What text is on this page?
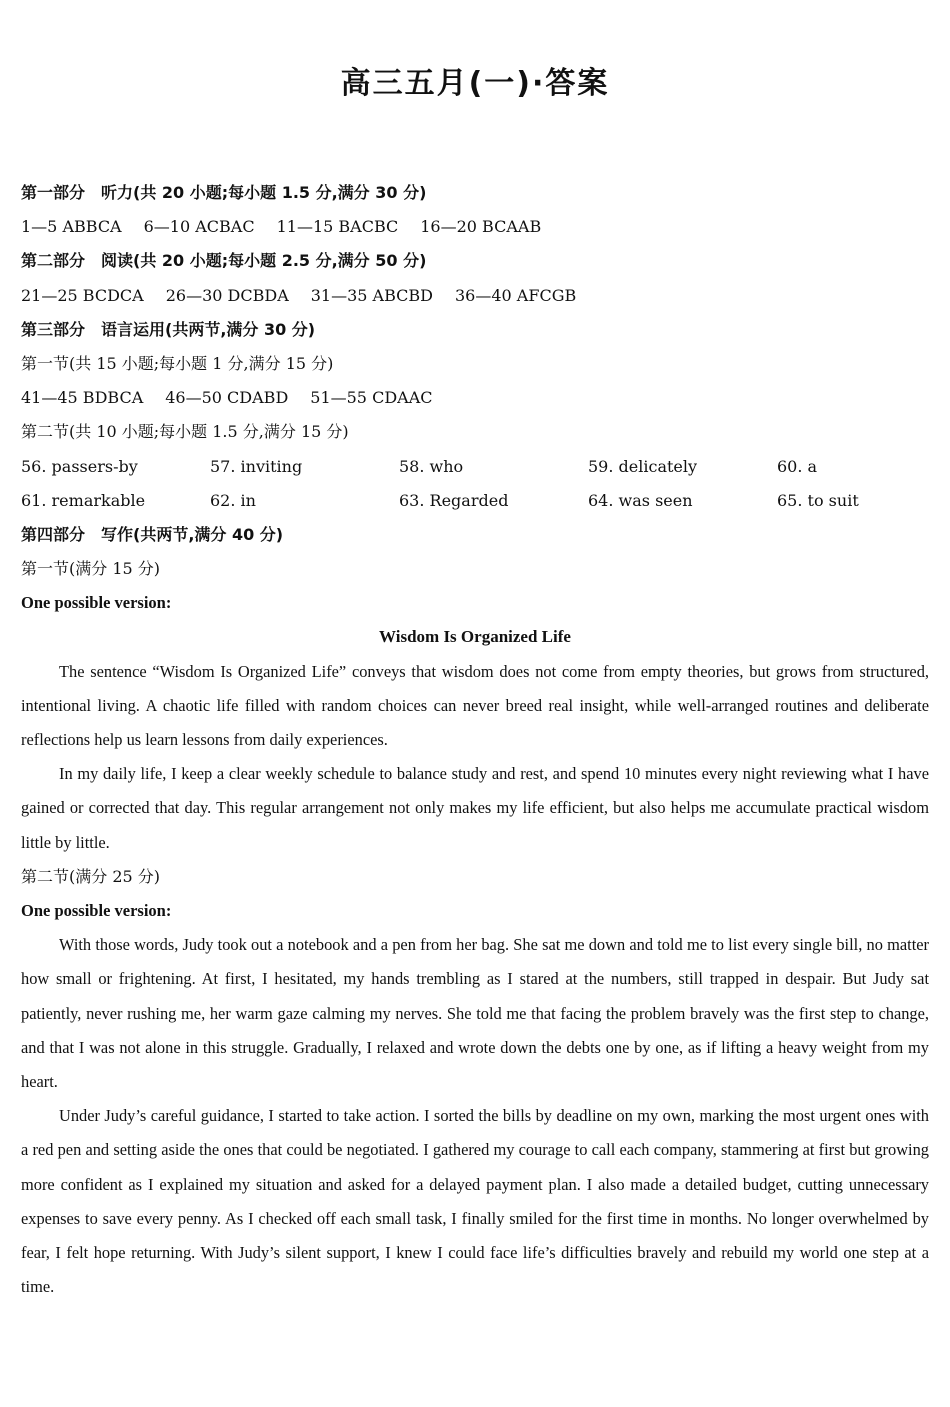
高三五月(一)·答案
第一部分　听力(共 20 小题;每小题 1.5 分,满分 30 分)
1—5 ABBCA 6—10 ACBAC 11—15 BACBC 16—20 BCAAB
第二部分　阅读(共 20 小题;每小题 2.5 分,满分 50 分)
21—25 BCDCA 26—30 DCBDA 31—35 ABCBD 36—40 AFCGB
第三部分　语言运用(共两节,满分 30 分)
第一节(共 15 小题;每小题 1 分,满分 15 分)
41—45 BDBCA 46—50 CDABD 51—55 CDAAC
第二节(共 10 小题;每小题 1.5 分,满分 15 分)
56. passers-by	57. inviting	58. who	59. delicately	60. a
61. remarkable	62. in	63. Regarded	64. was seen	65. to suit
第四部分　写作(共两节,满分 40 分)
第一节(满分 15 分)
One possible version:
Wisdom Is Organized Life

The sentence “Wisdom Is Organized Life” conveys that wisdom does not come from empty theories, but grows from structured, intentional living. A chaotic life filled with random choices can never breed real insight, while well-arranged routines and deliberate reflections help us learn lessons from daily experiences.

In my daily life, I keep a clear weekly schedule to balance study and rest, and spend 10 minutes every night reviewing what I have gained or corrected that day. This regular arrangement not only makes my life efficient, but also helps me accumulate practical wisdom little by little.

第二节(满分 25 分)
One possible version:

With those words, Judy took out a notebook and a pen from her bag. She sat me down and told me to list every single bill, no matter how small or frightening. At first, I hesitated, my hands trembling as I stared at the numbers, still trapped in despair. But Judy sat patiently, never rushing me, her warm gaze calming my nerves. She told me that facing the problem bravely was the first step to change, and that I was not alone in this struggle. Gradually, I relaxed and wrote down the debts one by one, as if lifting a heavy weight from my heart.

Under Judy’s careful guidance, I started to take action. I sorted the bills by deadline on my own, marking the most urgent ones with a red pen and setting aside the ones that could be negotiated. I gathered my courage to call each company, stammering at first but growing more confident as I explained my situation and asked for a delayed payment plan. I also made a detailed budget, cutting unnecessary expenses to save every penny. As I checked off each small task, I finally smiled for the first time in months. No longer overwhelmed by fear, I felt hope returning. With Judy’s silent support, I knew I could face life’s difficulties bravely and rebuild my world one step at a time.
